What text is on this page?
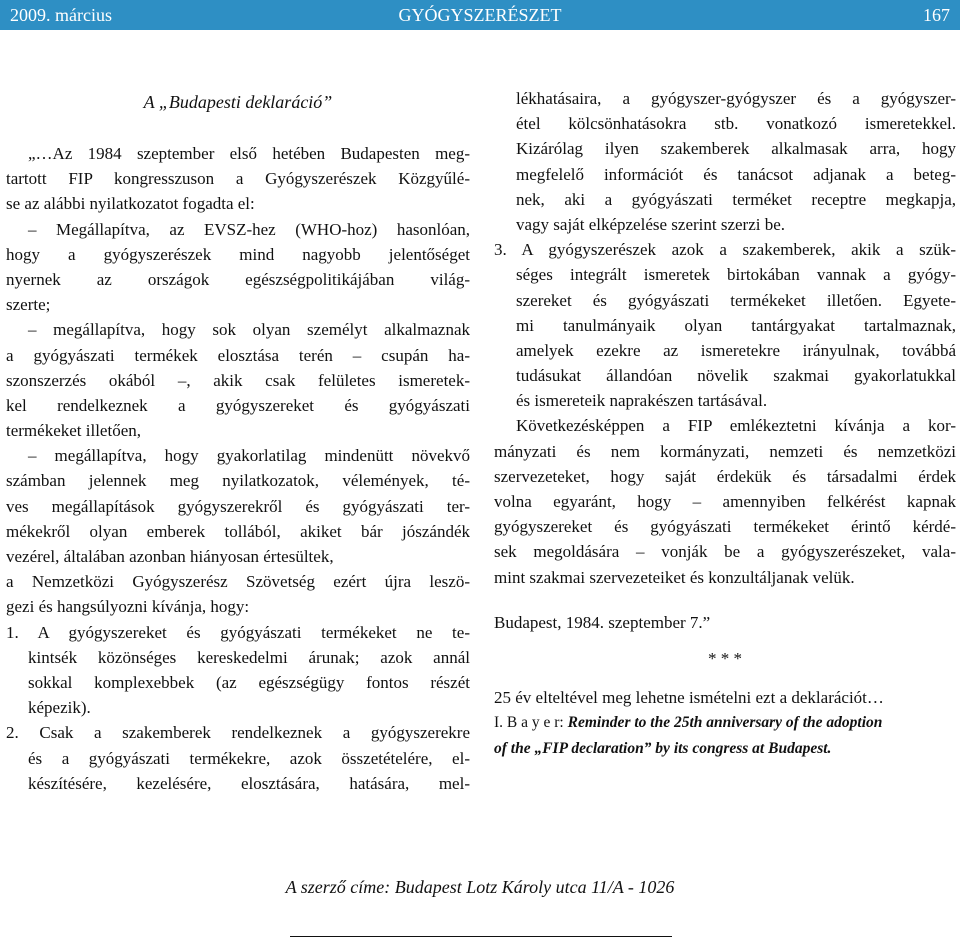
2009. március	GYÓGYSZERÉSZET	167
A „Budapesti deklaráció”
„…Az 1984 szeptember első hetében Budapesten meg-
tartott FIP kongresszuson a Gyógyszerészek Közgyűlé-
se az alábbi nyilatkozatot fogadta el:
– Megállapítva, az EVSZ-hez (WHO-hoz) hasonlóan,
hogy a gyógyszerészek mind nagyobb jelentőséget
nyernek az országok egészségpolitikájában világ-
szerte;
– megállapítva, hogy sok olyan személyt alkalmaznak
a gyógyászati termékek elosztása terén – csupán ha-
szonszerzés okából –, akik csak felületes ismeretek-
kel rendelkeznek a gyógyszereket és gyógyászati
termékeket illetően,
– megállapítva, hogy gyakorlatilag mindenütt növekvő
számban jelennek meg nyilatkozatok, vélemények, té-
ves megállapítások gyógyszerekről és gyógyászati ter-
mékekről olyan emberek tollából, akiket bár jószándék
vezérel, általában azonban hiányosan értesültek,
a Nemzetközi Gyógyszerész Szövetség ezért újra leszö-
gezi és hangsúlyozni kívánja, hogy:
1. A gyógyszereket és gyógyászati termékeket ne te-
kintsék közönséges kereskedelmi árunak; azok annál
sokkal komplexebbek (az egészségügy fontos részét
képezik).
2. Csak a szakemberek rendelkeznek a gyógyszerekre
és a gyógyászati termékekre, azok összetételére, el-
készítésére, kezelésére, elosztására, hatására, mel-
lékhatásaira, a gyógyszer-gyógyszer és a gyógyszer-
étel kölcsönhatásokra stb. vonatkozó ismeretekkel.
Kizárólag ilyen szakemberek alkalmasak arra, hogy
megfelelő információt és tanácsot adjanak a beteg-
nek, aki a gyógyászati terméket receptre megkapja,
vagy saját elképzelése szerint szerzi be.
3. A gyógyszerészek azok a szakemberek, akik a szük-
séges integrált ismeretek birtokában vannak a gyógy-
szereket és gyógyászati termékeket illetően. Egyete-
mi tanulmányaik olyan tantárgyakat tartalmaznak,
amelyek ezekre az ismeretekre irányulnak, továbbá
tudásukat állandóan növelik szakmai gyakorlatukkal
és ismereteik naprakészen tartásával.
Következésképpen a FIP emlékeztetni kívánja a kor-
mányzati és nem kormányzati, nemzeti és nemzetközi
szervezeteket, hogy saját érdekük és társadalmi érdek
volna egyaránt, hogy – amennyiben felkérést kapnak
gyógyszereket és gyógyászati termékeket érintő kérdé-
sek megoldására – vonják be a gyógyszerészeket, vala-
mint szakmai szervezeteiket és konzultáljanak velük.
Budapest, 1984. szeptember 7.”
* * *
25 év elteltével meg lehetne ismételni ezt a deklarációt…
I. B a y e r: Reminder to the 25th anniversary of the adoption
of the „FIP declaration” by its congress at Budapest.
A szerző címe: Budapest Lotz Károly utca 11/A - 1026
